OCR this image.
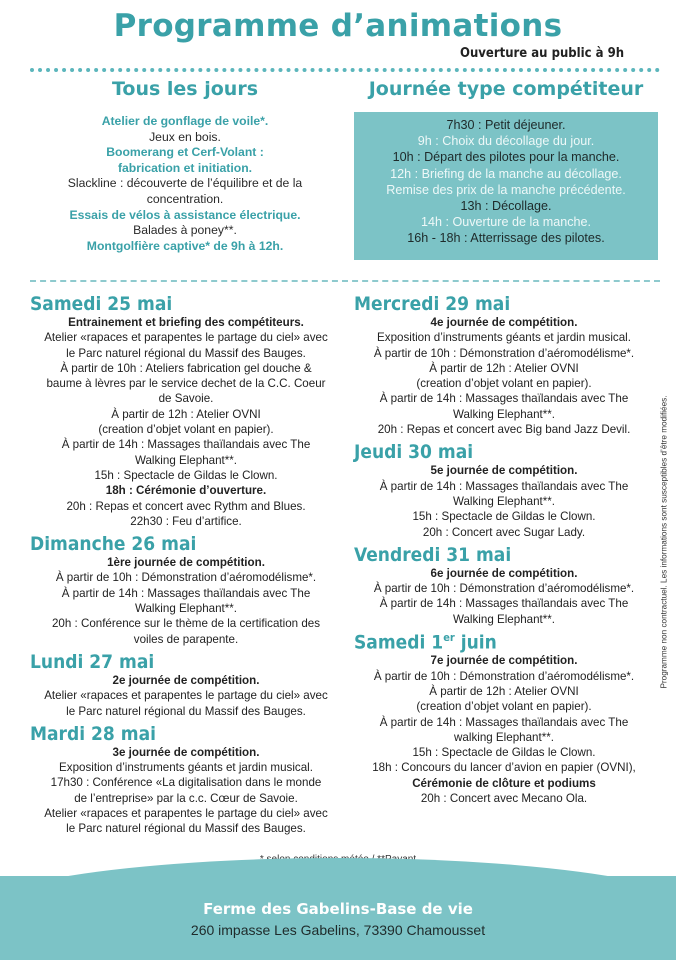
Programme d’animations
Ouverture au public à 9h
Tous les jours
Atelier de gonflage de voile*.
Jeux en bois.
Boomerang et Cerf-Volant :
fabrication et initiation.
Slackline : découverte de l’équilibre et de la
concentration.
Essais de vélos à assistance électrique.
Balades à poney**.
Montgolfière captive* de 9h à 12h.
Journée type compétiteur
7h30 : Petit déjeuner.
9h : Choix du décollage du jour.
10h : Départ des pilotes pour la manche.
12h : Briefing de la manche au décollage.
Remise des prix de la manche précédente.
13h : Décollage.
14h : Ouverture de la manche.
16h - 18h : Atterrissage des pilotes.
Samedi 25 mai
Entrainement et briefing des compétiteurs.
Atelier «rapaces et parapentes le partage du ciel» avec
le Parc naturel régional du Massif des Bauges.
À partir de 10h : Ateliers fabrication gel douche &
baume à lèvres par le service dechet de la C.C. Coeur
de Savoie.
À partir de 12h : Atelier OVNI
(creation d’objet volant en papier).
À partir de 14h : Massages thaïlandais avec The
Walking Elephant**.
15h : Spectacle de Gildas le Clown.
18h : Cérémonie d’ouverture.
20h : Repas et concert avec Rythm and Blues.
22h30 : Feu d’artifice.
Dimanche 26 mai
1ère journée de compétition.
À partir de 10h : Démonstration d’aéromodélisme*.
À partir de 14h : Massages thaïlandais avec The
Walking Elephant**.
20h : Conférence sur le thème de la certification des
voiles de parapente.
Lundi 27 mai
2e journée de compétition.
Atelier «rapaces et parapentes le partage du ciel» avec
le Parc naturel régional du Massif des Bauges.
Mardi 28 mai
3e journée de compétition.
Exposition d’instruments géants et jardin musical.
17h30 : Conférence «La digitalisation dans le monde
de l’entreprise» par la c.c. Cœur de Savoie.
Atelier «rapaces et parapentes le partage du ciel» avec
le Parc naturel régional du Massif des Bauges.
Mercredi 29 mai
4e journée de compétition.
Exposition d’instruments géants et jardin musical.
À partir de 10h : Démonstration d’aéromodélisme*.
À partir de 12h : Atelier OVNI
(creation d’objet volant en papier).
À partir de 14h : Massages thaïlandais avec The
Walking Elephant**.
20h : Repas et concert avec Big band Jazz Devil.
Jeudi 30 mai
5e journée de compétition.
À partir de 14h : Massages thaïlandais avec The
Walking Elephant**.
15h : Spectacle de Gildas le Clown.
20h : Concert avec Sugar Lady.
Vendredi 31 mai
6e journée de compétition.
À partir de 10h : Démonstration d’aéromodélisme*.
À partir de 14h : Massages thaïlandais avec The
Walking Elephant**.
Samedi 1er juin
7e journée de compétition.
À partir de 10h : Démonstration d’aéromodélisme*.
À partir de 12h : Atelier OVNI
(creation d’objet volant en papier).
À partir de 14h : Massages thaïlandais avec The
walking Elephant**.
15h : Spectacle de Gildas le Clown.
18h : Concours du lancer d’avion en papier (OVNI),
Cérémonie de clôture et podiums
20h : Concert avec Mecano Ola.
Programme non contractuel. Les informations sont susceptibles d’être modifiées.
Ferme des Gabelins-Base de vie
260 impasse Les Gabelins, 73390 Chamousset
